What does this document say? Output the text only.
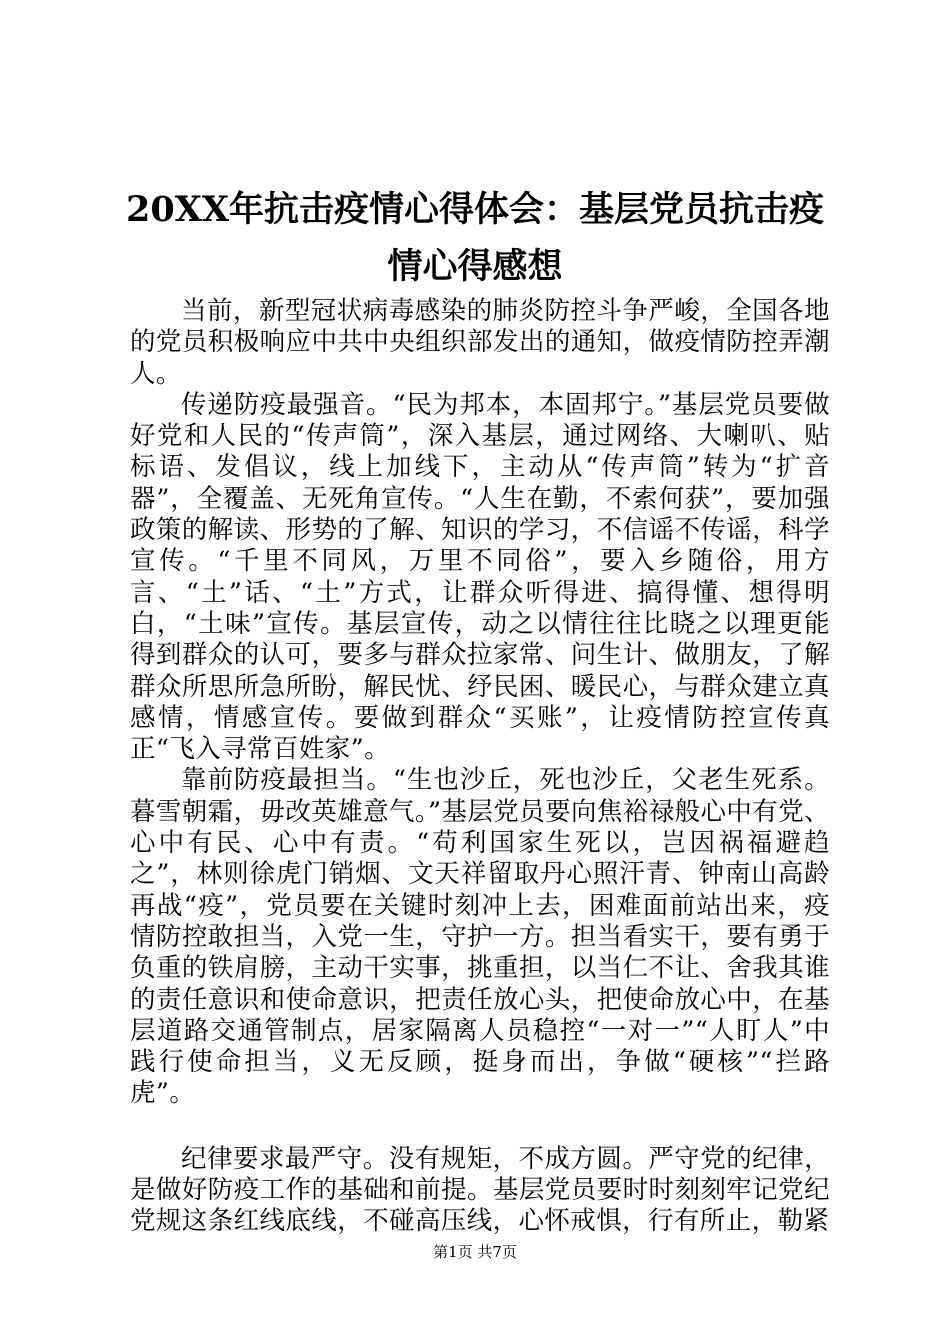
20XX年抗击疫情心得体会：基层党员抗击疫
情心得感想

当前，新型冠状病毒感染的肺炎防控斗争严峻，全国各地的党员积极响应中共中央组织部发出的通知，做疫情防控弄潮人。

传递防疫最强音。“民为邦本，本固邦宁。”基层党员要做好党和人民的“传声筒”，深入基层，通过网络、大喇叭、贴标语、发倡议，线上加线下，主动从“传声筒”转为“扩音器”，全覆盖、无死角宣传。“人生在勤，不索何获”，要加强政策的解读、形势的了解、知识的学习，不信谣不传谣，科学宣传。“千里不同风，万里不同俗”，要入乡随俗，用方言、“土”话、“土”方式，让群众听得进、搞得懂、想得明白，“土味”宣传。基层宣传，动之以情往往比晓之以理更能得到群众的认可，要多与群众拉家常、问生计、做朋友，了解群众所思所急所盼，解民忧、纾民困、暖民心，与群众建立真感情，情感宣传。要做到群众“买账”，让疫情防控宣传真正“飞入寻常百姓家”。

靠前防疫最担当。“生也沙丘，死也沙丘，父老生死系。暮雪朝霜，毋改英雄意气。”基层党员要向焦裕禄般心中有党、心中有民、心中有责。“苟利国家生死以，岂因祸福避趋之”，林则徐虎门销烟、文天祥留取丹心照汗青、钟南山高龄再战“疫”，党员要在关键时刻冲上去，困难面前站出来，疫情防控敢担当，入党一生，守护一方。担当看实干，要有勇于负重的铁肩膀，主动干实事，挑重担，以当仁不让、舍我其谁的责任意识和使命意识，把责任放心头，把使命放心中，在基层道路交通管制点，居家隔离人员稳控“一对一”“人盯人”中践行使命担当，义无反顾，挺身而出，争做“硬核”“拦路虎”。

纪律要求最严守。没有规矩，不成方圆。严守党的纪律，是做好防疫工作的基础和前提。基层党员要时时刻刻牢记党纪党规这条红线底线，不碰高压线，心怀戒惧，行有所止，勒紧

第1页 共7页
